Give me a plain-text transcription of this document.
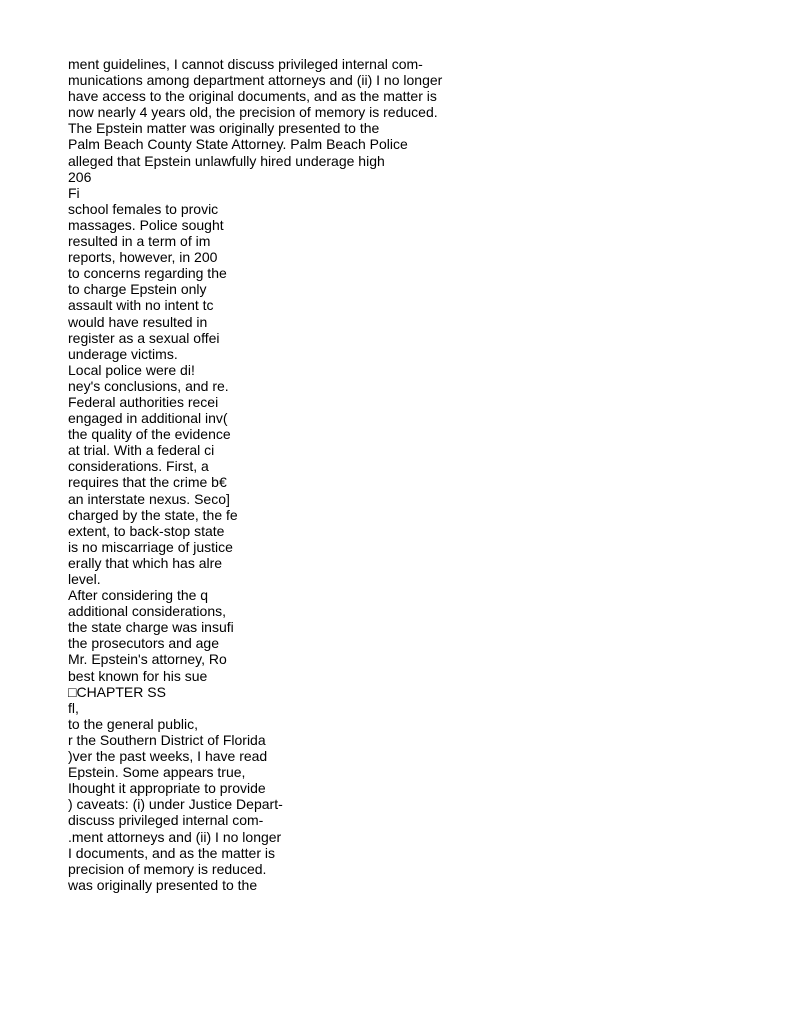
ment guidelines, I cannot discuss privileged internal com-
munications among department attorneys and (ii) I no longer
have access to the original documents, and as the matter is
now nearly 4 years old, the precision of memory is reduced.
The Epstein matter was originally presented to the
Palm Beach County State Attorney. Palm Beach Police
alleged that Epstein unlawfully hired underage high
206
Fi
school females to provic
massages. Police sought
resulted in a term of im
reports, however, in 200
to concerns regarding the
to charge Epstein only
assault with no intent tc
would have resulted in
register as a sexual offei
underage victims.
Local police were di!
ney's conclusions, and re.
Federal authorities recei
engaged in additional inv(
the quality of the evidence
at trial. With a federal ci
considerations. First, a
requires that the crime b€
an interstate nexus. Seco]
charged by the state, the fe
extent, to back-stop state
is no miscarriage of justice
erally that which has alre
level.
After considering the q
additional considerations,
the state charge was insufi
the prosecutors and age
Mr. Epstein's attorney, Ro
best known for his sue
□CHAPTER SS
fl,
to the general public,
r the Southern District of Florida
)ver the past weeks, I have read
Epstein. Some appears true,
Ihought it appropriate to provide
) caveats: (i) under Justice Depart-
discuss privileged internal com-
.ment attorneys and (ii) I no longer
I documents, and as the matter is
precision of memory is reduced.
was originally presented to the
